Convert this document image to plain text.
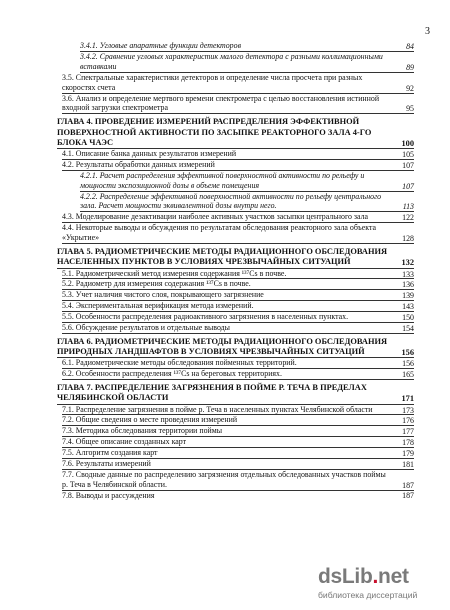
3
3.4.1. Угловые апаратные функции детекторов	84
3.4.2. Сравнение угловых характеристик малого детектора с разными коллимационными вставками	89
3.5. Спектральные характеристики детекторов и определение числа просчета при разных скоростях счета	92
3.6. Анализ и определение мертвого времени спектрометра с целью восстановления истинной входной загрузки спектрометра	95
ГЛАВА 4. ПРОВЕДЕНИЕ ИЗМЕРЕНИЙ РАСПРЕДЕЛЕНИЯ ЭФФЕКТИВНОЙ ПОВЕРХНОСТНОЙ АКТИВНОСТИ ПО ЗАСЫПКЕ РЕАКТОРНОГО ЗАЛА 4-ГО БЛОКА ЧАЭС	100
4.1. Описание банка данных результатов измерений	105
4.2. Результаты обработки данных измерений	107
4.2.1. Расчет распределения эффективной поверхностной активности по рельефу и мощности экспозиционной дозы в объеме помещения	107
4.2.2. Распределение эффективной поверхностной активности по рельефу центрального зала. Расчет мощности эквивалентной дозы внутри него.	113
4.3. Моделирование дезактивации наиболее активных участков засыпки центрального зала	122
4.4. Некоторые выводы и обсуждения по результатам обследования реакторного зала объекта «Укрытие»	128
ГЛАВА 5. РАДИОМЕТРИЧЕСКИЕ МЕТОДЫ РАДИАЦИОННОГО ОБСЛЕДОВАНИЯ НАСЕЛЕННЫХ ПУНКТОВ В УСЛОВИЯХ ЧРЕЗВЫЧАЙНЫХ СИТУАЦИЙ	132
5.1. Радиометрический метод измерения содержания ¹³⁷Cs в почве.	133
5.2. Радиометр для измерения содержания ¹³⁷Cs в почве.	136
5.3. Учет наличия чистого слоя, покрывающего загрязнение	139
5.4. Экспериментальная верификация метода измерений.	143
5.5. Особенности распределения радиоактивного загрязнения в населенных пунктах.	150
5.6. Обсуждение результатов и отдельные выводы	154
ГЛАВА 6. РАДИОМЕТРИЧЕСКИЕ МЕТОДЫ РАДИАЦИОННОГО ОБСЛЕДОВАНИЯ ПРИРОДНЫХ ЛАНДШАФТОВ В УСЛОВИЯХ ЧРЕЗВЫЧАЙНЫХ СИТУАЦИЙ	156
6.1. Радиометрические методы обследования пойменных территорий.	156
6.2. Особенности распределения ¹³⁷Cs на береговых территориях.	165
ГЛАВА 7. РАСПРЕДЕЛЕНИЕ ЗАГРЯЗНЕНИЯ В ПОЙМЕ Р. ТЕЧА В ПРЕДЕЛАХ ЧЕЛЯБИНСКОЙ ОБЛАСТИ	171
7.1. Распределение загрязнения в пойме р. Теча в населенных пунктах Челябинской области	173
7.2. Общие сведения о месте проведения измерений	176
7.3. Методика обследования территории поймы	177
7.4. Общее описание созданных карт	178
7.5. Алгоритм создания карт	179
7.6. Результаты измерений	181
7.7. Сводные данные по распределению загрязнения отдельных обследованных участков поймы р. Теча в Челябинской области.	187
7.8. Выводы и рассуждения	187
dsLib.net
библиотека диссертаций
